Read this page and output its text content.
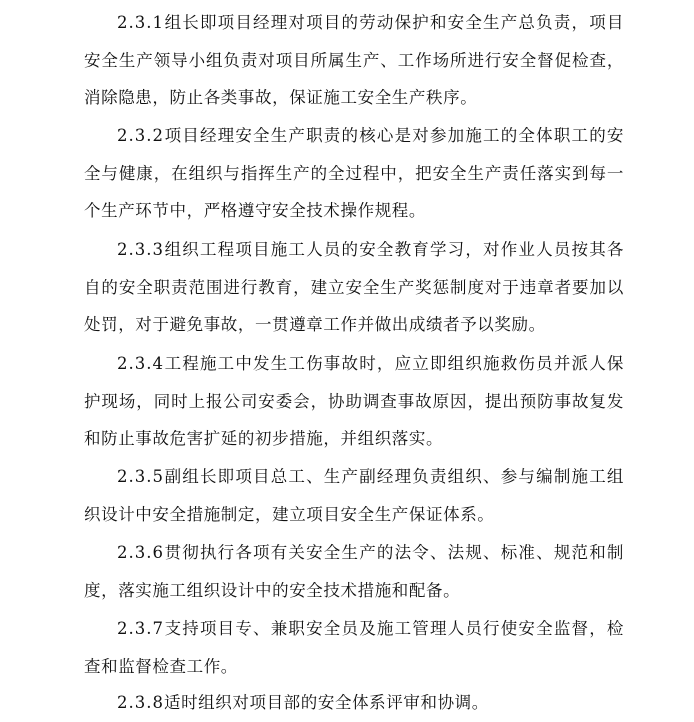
2.3.1组长即项目经理对项目的劳动保护和安全生产总负责，项目安全生产领导小组负责对项目所属生产、工作场所进行安全督促检查，消除隐患，防止各类事故，保证施工安全生产秩序。

2.3.2项目经理安全生产职责的核心是对参加施工的全体职工的安全与健康，在组织与指挥生产的全过程中，把安全生产责任落实到每一个生产环节中，严格遵守安全技术操作规程。

2.3.3组织工程项目施工人员的安全教育学习，对作业人员按其各自的安全职责范围进行教育，建立安全生产奖惩制度对于违章者要加以处罚，对于避免事故，一贯遵章工作并做出成绩者予以奖励。

2.3.4工程施工中发生工伤事故时，应立即组织施救伤员并派人保护现场，同时上报公司安委会，协助调查事故原因，提出预防事故复发和防止事故危害扩延的初步措施，并组织落实。

2.3.5副组长即项目总工、生产副经理负责组织、参与编制施工组织设计中安全措施制定，建立项目安全生产保证体系。

2.3.6贯彻执行各项有关安全生产的法令、法规、标准、规范和制度，落实施工组织设计中的安全技术措施和配备。

2.3.7支持项目专、兼职安全员及施工管理人员行使安全监督，检查和监督检查工作。

2.3.8适时组织对项目部的安全体系评审和协调。
